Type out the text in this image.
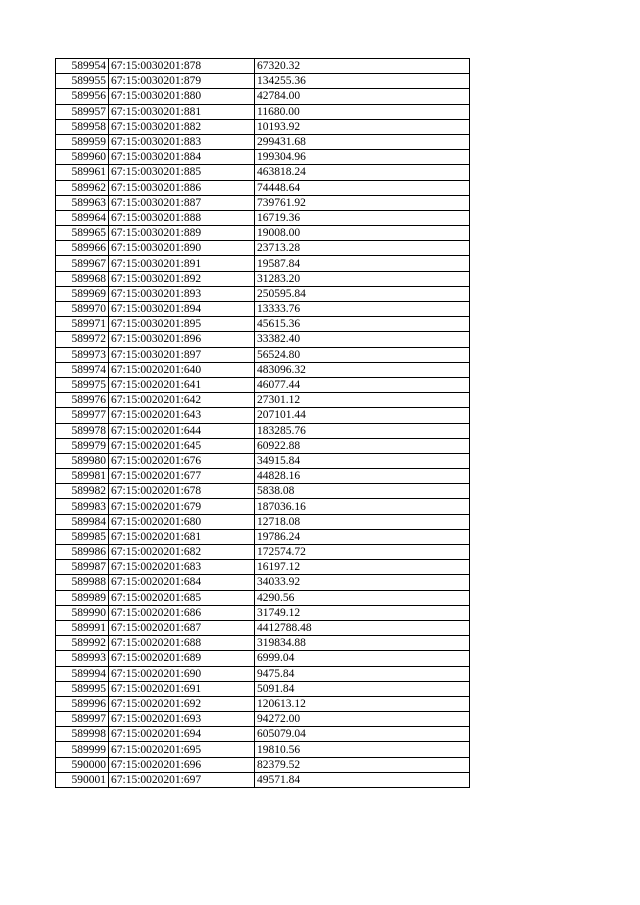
589954	67:15:0030201:878	67320.32
589955	67:15:0030201:879	134255.36
589956	67:15:0030201:880	42784.00
589957	67:15:0030201:881	11680.00
589958	67:15:0030201:882	10193.92
589959	67:15:0030201:883	299431.68
589960	67:15:0030201:884	199304.96
589961	67:15:0030201:885	463818.24
589962	67:15:0030201:886	74448.64
589963	67:15:0030201:887	739761.92
589964	67:15:0030201:888	16719.36
589965	67:15:0030201:889	19008.00
589966	67:15:0030201:890	23713.28
589967	67:15:0030201:891	19587.84
589968	67:15:0030201:892	31283.20
589969	67:15:0030201:893	250595.84
589970	67:15:0030201:894	13333.76
589971	67:15:0030201:895	45615.36
589972	67:15:0030201:896	33382.40
589973	67:15:0030201:897	56524.80
589974	67:15:0020201:640	483096.32
589975	67:15:0020201:641	46077.44
589976	67:15:0020201:642	27301.12
589977	67:15:0020201:643	207101.44
589978	67:15:0020201:644	183285.76
589979	67:15:0020201:645	60922.88
589980	67:15:0020201:676	34915.84
589981	67:15:0020201:677	44828.16
589982	67:15:0020201:678	5838.08
589983	67:15:0020201:679	187036.16
589984	67:15:0020201:680	12718.08
589985	67:15:0020201:681	19786.24
589986	67:15:0020201:682	172574.72
589987	67:15:0020201:683	16197.12
589988	67:15:0020201:684	34033.92
589989	67:15:0020201:685	4290.56
589990	67:15:0020201:686	31749.12
589991	67:15:0020201:687	4412788.48
589992	67:15:0020201:688	319834.88
589993	67:15:0020201:689	6999.04
589994	67:15:0020201:690	9475.84
589995	67:15:0020201:691	5091.84
589996	67:15:0020201:692	120613.12
589997	67:15:0020201:693	94272.00
589998	67:15:0020201:694	605079.04
589999	67:15:0020201:695	19810.56
590000	67:15:0020201:696	82379.52
590001	67:15:0020201:697	49571.84
